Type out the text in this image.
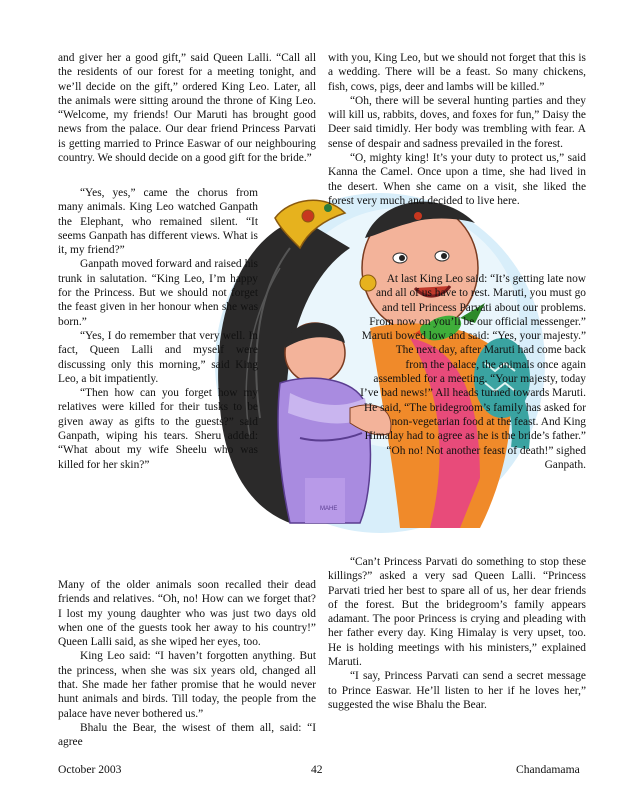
MAHE

and giver her a good gift,” said Queen Lalli. “Call all the residents of our forest for a meeting tonight, and we’ll decide on the gift,” ordered King Leo. Later, all the animals were sitting around the throne of King Leo. “Welcome, my friends! Our Maruti has brought good news from the palace. Our dear friend Princess Parvati is getting married to Prince Easwar of our neighbouring country. We should decide on a good gift for the bride.”

“Yes, yes,” came the chorus from many animals. King Leo watched Ganpath the Elephant, who remained silent. “It seems Ganpath has different views. What is it, my friend?”

Ganpath moved forward and raised his trunk in salutation. “King Leo, I’m happy for the Princess. But we should not forget the feast given in her honour when she was born.”

“Yes, I do remember that very well. In fact, Queen Lalli and myself were discussing only this morning,” said King Leo, a bit impatiently.

“Then how can you forget how my relatives were killed for their tusks to be given away as gifts to the guests?” said Ganpath, wiping his tears. Sheru added: “What about my wife Sheelu who was killed for her skin?”

Many of the older animals soon recalled their dead friends and relatives. “Oh, no! How can we forget that? I lost my young daughter who was just two days old when one of the guests took her away to his country!” Queen Lalli said, as she wiped her eyes, too.

King Leo said: “I haven’t forgotten anything. But the princess, when she was six years old, changed all that. She made her father promise that he would never hunt animals and birds. Till today, the people from the palace have never bothered us.”

Bhalu the Bear, the wisest of them all, said: “I agree

with you, King Leo, but we should not forget that this is a wedding. There will be a feast. So many chickens, fish, cows, pigs, deer and lambs will be killed.”

“Oh, there will be several hunting parties and they will kill us, rabbits, doves, and foxes for fun,” Daisy the Deer said timidly. Her body was trembling with fear. A sense of despair and sadness prevailed in the forest.

“O, mighty king! It’s your duty to protect us,” said Kanna the Camel. Once upon a time, she had lived in the desert. When she came on a visit, she liked the forest very much and decided to live here.

At last King Leo said: “It’s getting late now and all of us have to rest. Maruti, you must go and tell Princess Parvati about our problems. From now on you’ll be our official messenger.” Maruti bowed low and said: “Yes, your majesty.”

The next day, after Maruti had come back from the palace, the animals once again assembled for a meeting. “Your majesty, today I’ve bad news!” All heads turned towards Maruti. He said, “The bridegroom’s family has asked for non-vegetarian food at the feast. And King Himalay had to agree as he is the bride’s father.”

“Oh no! Not another feast of death!” sighed Ganpath.

“Can’t Princess Parvati do something to stop these killings?” asked a very sad Queen Lalli. “Princess Parvati tried her best to spare all of us, her dear friends of the forest. But the bridegroom’s family appears adamant. The poor Princess is crying and pleading with her father every day. King Himalay is very upset, too. He is holding meetings with his ministers,” explained Maruti.

“I say, Princess Parvati can send a secret message to Prince Easwar. He’ll listen to her if he loves her,” suggested the wise Bhalu the Bear.

October 2003	42	Chandamama
